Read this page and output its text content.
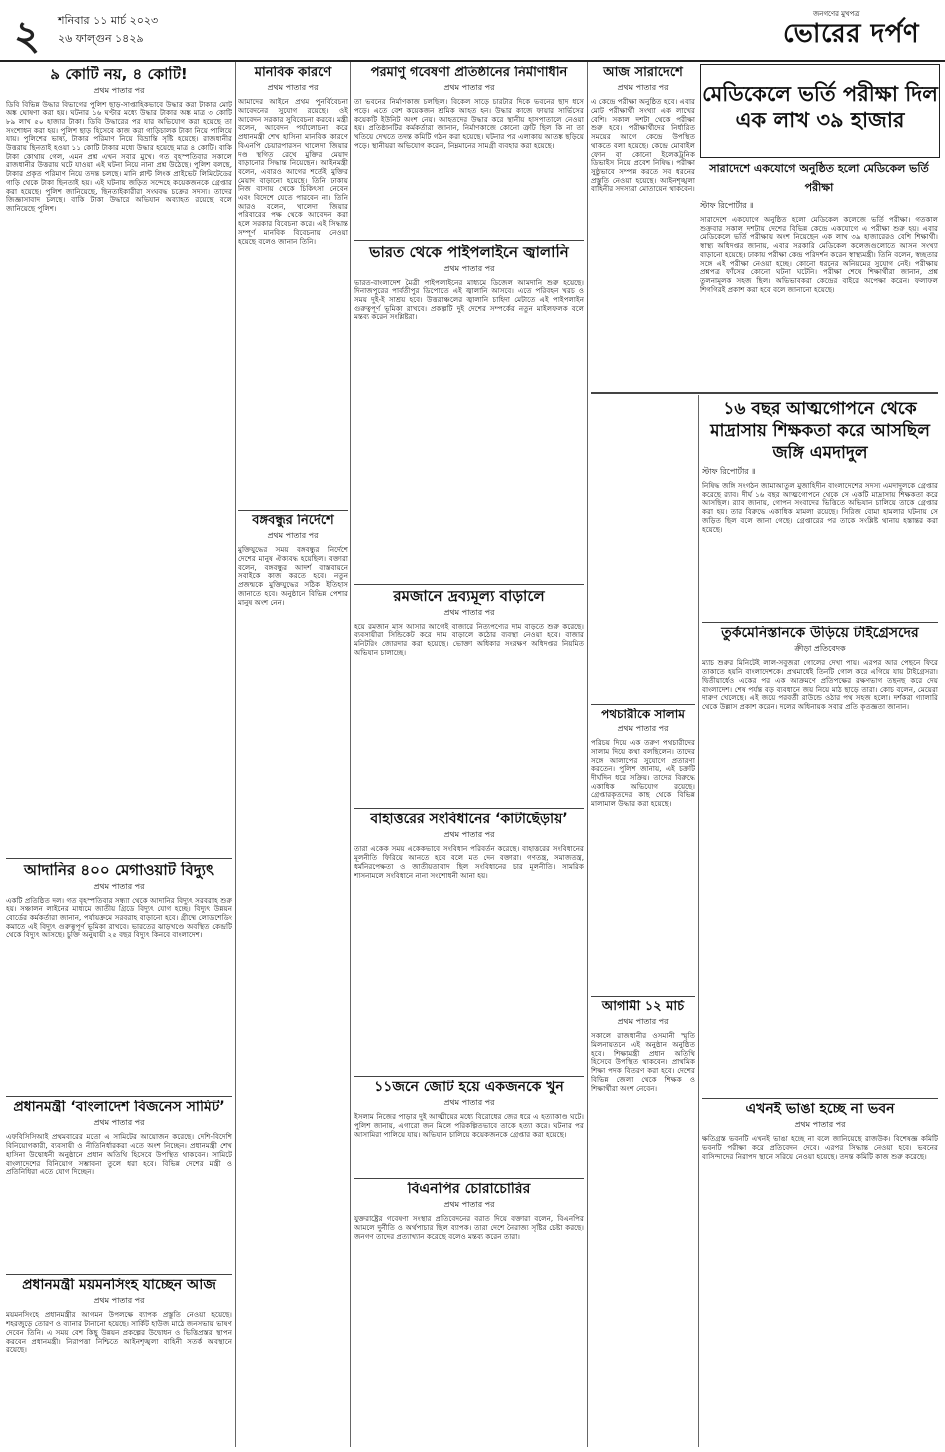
২ শনিবার ১১ মার্চ ২০২৩
২৬ ফাল্গুন ১৪২৯
জনগণের মুখপত্র
ভোরের দর্পণ
৯ কোটি নয়, ৪ কোটি!
প্রথম পাতার পর
ডিবি বিভিন্ন উদ্ধার বিভাগের পুলিশ ছাড়-সাপ্তাহিকভাবে উদ্ধার করা টাকার মোট অঙ্ক ঘোষণা করা হয়। ঘটনার ১৬ ঘণ্টার মধ্যে উদ্ধার টাকার অঙ্ক মাত্র ৩ কোটি ৮৯ লাখ ৫০ হাজার টাকা। ডিবি উদ্ধারের পর যার অভিযোগ করা হয়েছে তা সংশোধন করা হয়। পুলিশ ছাড় হিসেবে কাজ করা গাড়িচালক টাকা নিয়ে পালিয়ে যায়। পুলিশের ভাষ্য, টাকার পরিমাণ নিয়ে বিভ্রান্তি সৃষ্টি হয়েছে। রাজধানীর উত্তরায় ছিনতাই হওয়া ১১ কোটি টাকার মধ্যে উদ্ধার হয়েছে মাত্র ৪ কোটি। বাকি টাকা কোথায় গেল, এমন প্রশ্ন এখন সবার মুখে। গত বৃহস্পতিবার সকালে রাজধানীর উত্তরায় ঘটে যাওয়া এই ঘটনা নিয়ে নানা প্রশ্ন উঠেছে। পুলিশ বলছে, টাকার প্রকৃত পরিমাণ নিয়ে তদন্ত চলছে। মানি প্লান্ট লিংক প্রাইভেট লিমিটেডের গাড়ি থেকে টাকা ছিনতাই হয়। এই ঘটনায় জড়িত সন্দেহে কয়েকজনকে গ্রেপ্তার করা হয়েছে। পুলিশ জানিয়েছে, ছিনতাইকারীরা সংঘবদ্ধ চক্রের সদস্য। তাদের জিজ্ঞাসাবাদ চলছে। বাকি টাকা উদ্ধারে অভিযান অব্যাহত রয়েছে বলে জানিয়েছে পুলিশ।
আদানির ৪০০ মেগাওয়াট বিদ্যুৎ
প্রথম পাতার পর
একটি প্রতিষ্ঠিত দল। গত বৃহস্পতিবার সন্ধ্যা থেকে আদানির বিদ্যুৎ সরবরাহ শুরু হয়। সঞ্চালন লাইনের মাধ্যমে জাতীয় গ্রিডে বিদ্যুৎ যোগ হচ্ছে। বিদ্যুৎ উন্নয়ন বোর্ডের কর্মকর্তারা জানান, পর্যায়ক্রমে সরবরাহ বাড়ানো হবে। গ্রীষ্মে লোডশেডিং কমাতে এই বিদ্যুৎ গুরুত্বপূর্ণ ভূমিকা রাখবে। ভারতের ঝাড়খণ্ডে অবস্থিত কেন্দ্রটি থেকে বিদ্যুৎ আসছে। চুক্তি অনুযায়ী ২৫ বছর বিদ্যুৎ কিনবে বাংলাদেশ।
প্রধানমন্ত্রী ‘বাংলাদেশ বিজনেস সামিট’
প্রথম পাতার পর
এফবিসিসিআই প্রথমবারের মতো এ সামিটের আয়োজন করেছে। দেশি-বিদেশি বিনিয়োগকারী, ব্যবসায়ী ও নীতিনির্ধারকরা এতে অংশ নিচ্ছেন। প্রধানমন্ত্রী শেখ হাসিনা উদ্বোধনী অনুষ্ঠানে প্রধান অতিথি হিসেবে উপস্থিত থাকবেন। সামিটে বাংলাদেশের বিনিয়োগ সম্ভাবনা তুলে ধরা হবে। বিভিন্ন দেশের মন্ত্রী ও প্রতিনিধিরা এতে যোগ দিচ্ছেন।
প্রধানমন্ত্রী ময়মনসিংহ যাচ্ছেন আজ
প্রথম পাতার পর
ময়মনসিংহে প্রধানমন্ত্রীর আগমন উপলক্ষে ব্যাপক প্রস্তুতি নেওয়া হয়েছে। শহরজুড়ে তোরণ ও ব্যানার টানানো হয়েছে। সার্কিট হাউজ মাঠে জনসভায় ভাষণ দেবেন তিনি। এ সময় বেশ কিছু উন্নয়ন প্রকল্পের উদ্বোধন ও ভিত্তিপ্রস্তর স্থাপন করবেন প্রধানমন্ত্রী। নিরাপত্তা নিশ্চিতে আইনশৃঙ্খলা বাহিনী সতর্ক অবস্থানে রয়েছে।
মানবিক কারণে
প্রথম পাতার পর
আমাদের আইনে প্রথম পুনর্বিবেচনা আবেদনের সুযোগ রয়েছে। ওই আবেদন সরকার সুবিবেচনা করবে। মন্ত্রী বলেন, আবেদন পর্যালোচনা করে প্রধানমন্ত্রী শেখ হাসিনা মানবিক কারণে বিএনপি চেয়ারপারসন খালেদা জিয়ার দণ্ড স্থগিত রেখে মুক্তির মেয়াদ বাড়ানোর সিদ্ধান্ত নিয়েছেন। আইনমন্ত্রী বলেন, এবারও আগের শর্তেই মুক্তির মেয়াদ বাড়ানো হয়েছে। তিনি ঢাকায় নিজ বাসায় থেকে চিকিৎসা নেবেন এবং বিদেশে যেতে পারবেন না। তিনি আরও বলেন, খালেদা জিয়ার পরিবারের পক্ষ থেকে আবেদন করা হলে সরকার বিবেচনা করে। এই সিদ্ধান্ত সম্পূর্ণ মানবিক বিবেচনায় নেওয়া হয়েছে বলেও জানান তিনি।
বঙ্গবন্ধুর নির্দেশে
প্রথম পাতার পর
মুক্তিযুদ্ধের সময় বঙ্গবন্ধুর নির্দেশে দেশের মানুষ ঐক্যবদ্ধ হয়েছিল। বক্তারা বলেন, বঙ্গবন্ধুর আদর্শ বাস্তবায়নে সবাইকে কাজ করতে হবে। নতুন প্রজন্মকে মুক্তিযুদ্ধের সঠিক ইতিহাস জানাতে হবে। অনুষ্ঠানে বিভিন্ন পেশার মানুষ অংশ নেন।
পরমাণু গবেষণা প্রতিষ্ঠানের নির্মাণাধীন
প্রথম পাতার পর
তা ভবনের নির্মাণকাজ চলছিল। বিকেল সাড়ে চারটার দিকে ভবনের ছাদ ধসে পড়ে। এতে বেশ কয়েকজন শ্রমিক আহত হন। উদ্ধার কাজে ফায়ার সার্ভিসের কয়েকটি ইউনিট অংশ নেয়। আহতদের উদ্ধার করে স্থানীয় হাসপাতালে নেওয়া হয়। প্রতিষ্ঠানটির কর্মকর্তারা জানান, নির্মাণকাজে কোনো ত্রুটি ছিল কি না তা খতিয়ে দেখতে তদন্ত কমিটি গঠন করা হয়েছে। ঘটনার পর এলাকায় আতঙ্ক ছড়িয়ে পড়ে। স্থানীয়রা অভিযোগ করেন, নিম্নমানের সামগ্রী ব্যবহার করা হয়েছে।
ভারত থেকে পাইপলাইনে জ্বালানি
প্রথম পাতার পর
ভারত-বাংলাদেশ মৈত্রী পাইপলাইনের মাধ্যমে ডিজেল আমদানি শুরু হয়েছে। দিনাজপুরের পার্বতীপুর ডিপোতে এই জ্বালানি আসবে। এতে পরিবহন খরচ ও সময় দুই-ই সাশ্রয় হবে। উত্তরাঞ্চলের জ্বালানি চাহিদা মেটাতে এই পাইপলাইন গুরুত্বপূর্ণ ভূমিকা রাখবে। প্রকল্পটি দুই দেশের সম্পর্কের নতুন মাইলফলক বলে মন্তব্য করেন সংশ্লিষ্টরা।
রমজানে দ্রব্যমূল্য বাড়ালে
প্রথম পাতার পর
হয়ে রমজান মাস আসার আগেই বাজারে নিত্যপণ্যের দাম বাড়তে শুরু করেছে। ব্যবসায়ীরা সিন্ডিকেট করে দাম বাড়ালে কঠোর ব্যবস্থা নেওয়া হবে। বাজার মনিটরিং জোরদার করা হয়েছে। ভোক্তা অধিকার সংরক্ষণ অধিদপ্তর নিয়মিত অভিযান চালাচ্ছে।
বাহাত্তরের সংবিধানের ‘কাটাছেঁড়ায়’
প্রথম পাতার পর
তারা একেক সময় একেকভাবে সংবিধান পরিবর্তন করেছে। বাহাত্তরের সংবিধানের মূলনীতি ফিরিয়ে আনতে হবে বলে মত দেন বক্তারা। গণতন্ত্র, সমাজতন্ত্র, ধর্মনিরপেক্ষতা ও জাতীয়তাবাদ ছিল সংবিধানের চার মূলনীতি। সামরিক শাসনামলে সংবিধানে নানা সংশোধনী আনা হয়।
১১জনে জোট হয়ে একজনকে খুন
প্রথম পাতার পর
ইসলাম নিজের পাড়ার দুই আত্মীয়ের মধ্যে বিরোধের জের ধরে এ হত্যাকাণ্ড ঘটে। পুলিশ জানায়, এগারো জন মিলে পরিকল্পিতভাবে তাকে হত্যা করে। ঘটনার পর আসামিরা পালিয়ে যায়। অভিযান চালিয়ে কয়েকজনকে গ্রেপ্তার করা হয়েছে।
বিএনপির চোরাচোরির
প্রথম পাতার পর
যুক্তরাষ্ট্রের গবেষণা সংস্থার প্রতিবেদনের বরাত দিয়ে বক্তারা বলেন, বিএনপির আমলে দুর্নীতি ও অর্থপাচার ছিল ব্যাপক। তারা দেশে নৈরাজ্য সৃষ্টির চেষ্টা করছে। জনগণ তাদের প্রত্যাখ্যান করেছে বলেও মন্তব্য করেন তারা।
আজ সারাদেশে
প্রথম পাতার পর
এ কেন্দ্রে পরীক্ষা অনুষ্ঠিত হবে। এবার মোট পরীক্ষার্থী সংখ্যা এক লাখের বেশি। সকাল দশটা থেকে পরীক্ষা শুরু হবে। পরীক্ষার্থীদের নির্ধারিত সময়ের আগে কেন্দ্রে উপস্থিত থাকতে বলা হয়েছে। কেন্দ্রে মোবাইল ফোন বা কোনো ইলেকট্রনিক ডিভাইস নিয়ে প্রবেশ নিষিদ্ধ। পরীক্ষা সুষ্ঠুভাবে সম্পন্ন করতে সব ধরনের প্রস্তুতি নেওয়া হয়েছে। আইনশৃঙ্খলা বাহিনীর সদস্যরা মোতায়েন থাকবেন।
পথচারীকে সালাম
প্রথম পাতার পর
পরিচয় দিয়ে এক তরুণ পথচারীদের সালাম দিয়ে কথা বলছিলেন। তাদের সঙ্গে আলাপের সুযোগে প্রতারণা করতেন। পুলিশ জানায়, এই চক্রটি দীর্ঘদিন ধরে সক্রিয়। তাদের বিরুদ্ধে একাধিক অভিযোগ রয়েছে। গ্রেপ্তারকৃতদের কাছ থেকে বিভিন্ন মালামাল উদ্ধার করা হয়েছে।
আগামী ১২ মার্চ
প্রথম পাতার পর
সকালে রাজধানীর ওসমানী স্মৃতি মিলনায়তনে এই অনুষ্ঠান অনুষ্ঠিত হবে। শিক্ষামন্ত্রী প্রধান অতিথি হিসেবে উপস্থিত থাকবেন। প্রাথমিক শিক্ষা পদক বিতরণ করা হবে। দেশের বিভিন্ন জেলা থেকে শিক্ষক ও শিক্ষার্থীরা অংশ নেবেন।
মেডিকেলে ভর্তি পরীক্ষা দিল এক লাখ ৩৯ হাজার
সারাদেশে একযোগে অনুষ্ঠিত হলো মেডিকেল ভর্তি পরীক্ষা
স্টাফ রিপোর্টার ॥
সারাদেশে একযোগে অনুষ্ঠিত হলো মেডিকেল কলেজে ভর্তি পরীক্ষা। গতকাল শুক্রবার সকাল দশটায় দেশের বিভিন্ন কেন্দ্রে একযোগে এ পরীক্ষা শুরু হয়। এবার মেডিকেলে ভর্তি পরীক্ষায় অংশ নিয়েছেন এক লাখ ৩৯ হাজারেরও বেশি শিক্ষার্থী। স্বাস্থ্য অধিদপ্তর জানায়, এবার সরকারি মেডিকেল কলেজগুলোতে আসন সংখ্যা বাড়ানো হয়েছে। ঢাকায় পরীক্ষা কেন্দ্র পরিদর্শন করেন স্বাস্থ্যমন্ত্রী। তিনি বলেন, স্বচ্ছতার সঙ্গে এই পরীক্ষা নেওয়া হচ্ছে। কোনো ধরনের অনিয়মের সুযোগ নেই। পরীক্ষায় প্রশ্নপত্র ফাঁসের কোনো ঘটনা ঘটেনি। পরীক্ষা শেষে শিক্ষার্থীরা জানান, প্রশ্ন তুলনামূলক সহজ ছিল। অভিভাবকরা কেন্দ্রের বাইরে অপেক্ষা করেন। ফলাফল শিগগিরই প্রকাশ করা হবে বলে জানানো হয়েছে।
১৬ বছর আত্মগোপনে থেকে মাদ্রাসায় শিক্ষকতা করে আসছিল জঙ্গি এমদাদুল
স্টাফ রিপোর্টার ॥
নিষিদ্ধ জঙ্গি সংগঠন জামাআতুল মুজাহিদীন বাংলাদেশের সদস্য এমদাদুলকে গ্রেপ্তার করেছে র‍্যাব। দীর্ঘ ১৬ বছর আত্মগোপনে থেকে সে একটি মাদ্রাসায় শিক্ষকতা করে আসছিল। র‍্যাব জানায়, গোপন সংবাদের ভিত্তিতে অভিযান চালিয়ে তাকে গ্রেপ্তার করা হয়। তার বিরুদ্ধে একাধিক মামলা রয়েছে। সিরিজ বোমা হামলার ঘটনায় সে জড়িত ছিল বলে জানা গেছে। গ্রেপ্তারের পর তাকে সংশ্লিষ্ট থানায় হস্তান্তর করা হয়েছে।
তুর্কমেনিস্তানকে উড়িয়ে টাইগ্রেসদের
ক্রীড়া প্রতিবেদক
ম্যাচ শুরুর মিনিটেই লাল-সবুজরা গোলের দেখা পায়। এরপর আর পেছনে ফিরে তাকাতে হয়নি বাংলাদেশকে। প্রথমার্ধেই তিনটি গোল করে এগিয়ে যায় টাইগ্রেসরা। দ্বিতীয়ার্ধেও একের পর এক আক্রমণে প্রতিপক্ষের রক্ষণভাগ তছনছ করে দেয় বাংলাদেশ। শেষ পর্যন্ত বড় ব্যবধানে জয় নিয়ে মাঠ ছাড়ে তারা। কোচ বলেন, মেয়েরা দারুণ খেলেছে। এই জয়ে পরবর্তী রাউন্ডে ওঠার পথ সহজ হলো। দর্শকরা গ্যালারি থেকে উল্লাস প্রকাশ করেন। দলের অধিনায়ক সবার প্রতি কৃতজ্ঞতা জানান।
এখনই ভাঙা হচ্ছে না ভবন
প্রথম পাতার পর
ক্ষতিগ্রস্ত ভবনটি এখনই ভাঙা হচ্ছে না বলে জানিয়েছে রাজউক। বিশেষজ্ঞ কমিটি ভবনটি পরীক্ষা করে প্রতিবেদন দেবে। এরপর সিদ্ধান্ত নেওয়া হবে। ভবনের বাসিন্দাদের নিরাপদ স্থানে সরিয়ে নেওয়া হয়েছে। তদন্ত কমিটি কাজ শুরু করেছে।
